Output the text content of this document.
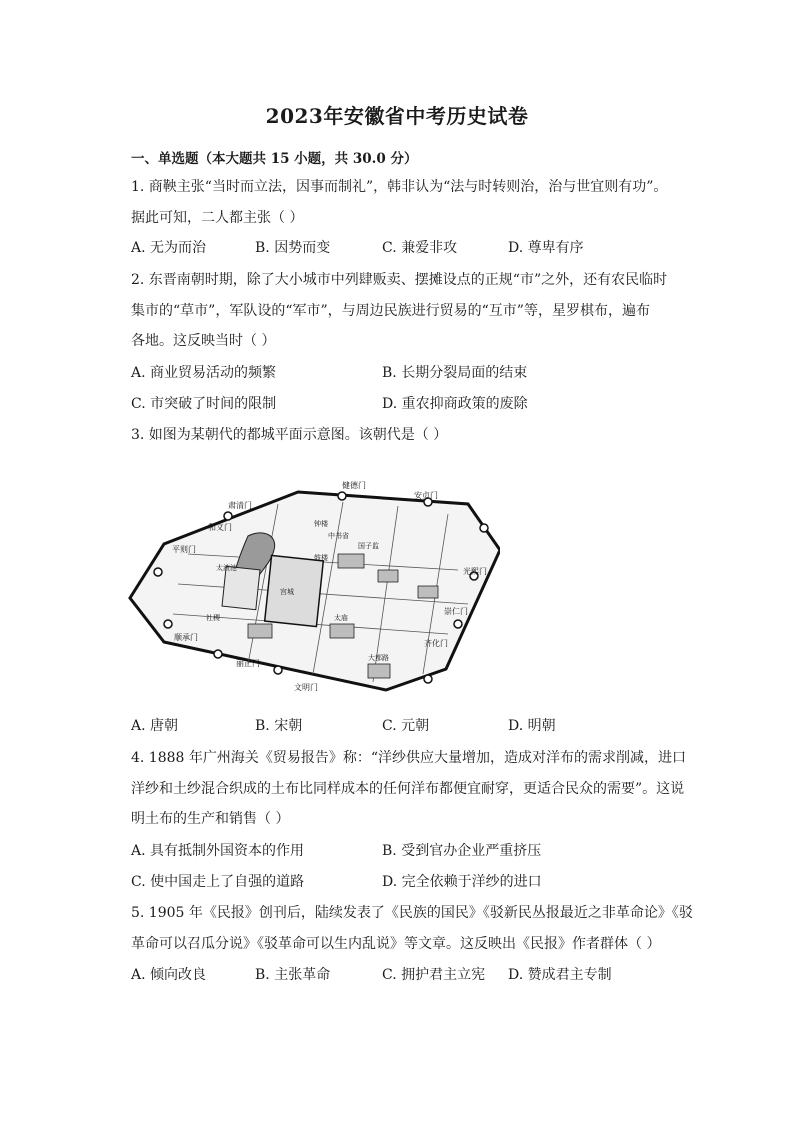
2023年安徽省中考历史试卷
一、单选题（本大题共 15 小题，共 30.0 分）
1. 商鞅主张“当时而立法，因事而制礼”，韩非认为“法与时转则治，治与世宜则有功”。
据此可知，二人都主张（ ）
A. 无为而治	B. 因势而变	C. 兼爱非攻	D. 尊卑有序
2. 东晋南朝时期，除了大小城市中列肆贩卖、摆摊设点的正规“市”之外，还有农民临时
集市的“草市”，军队设的“军市”，与周边民族进行贸易的“互市”等，星罗棋布，遍布
各地。这反映当时（ ）
A. 商业贸易活动的频繁	B. 长期分裂局面的结束
C. 市突破了时间的限制	D. 重农抑商政策的废除
3. 如图为某朝代的都城平面示意图。该朝代是（ ）
健德门
安贞门
肃清门
光熙门
和义门
平则门
崇仁门
齐化门
顺承门
丽正门
文明门
太液池
宫城
国子监
社稷	太庙
中书省
大都路
钟楼
鼓楼
A. 唐朝	B. 宋朝	C. 元朝	D. 明朝
4. 1888 年广州海关《贸易报告》称：“洋纱供应大量增加，造成对洋布的需求削减，进口
洋纱和土纱混合织成的土布比同样成本的任何洋布都便宜耐穿，更适合民众的需要”。这说
明土布的生产和销售（ ）
A. 具有抵制外国资本的作用	B. 受到官办企业严重挤压
C. 使中国走上了自强的道路	D. 完全依赖于洋纱的进口
5. 1905 年《民报》创刊后，陆续发表了《民族的国民》《驳新民丛报最近之非革命论》《驳
革命可以召瓜分说》《驳革命可以生内乱说》等文章。这反映出《民报》作者群体（ ）
A. 倾向改良	B. 主张革命	C. 拥护君主立宪 D. 赞成君主专制
